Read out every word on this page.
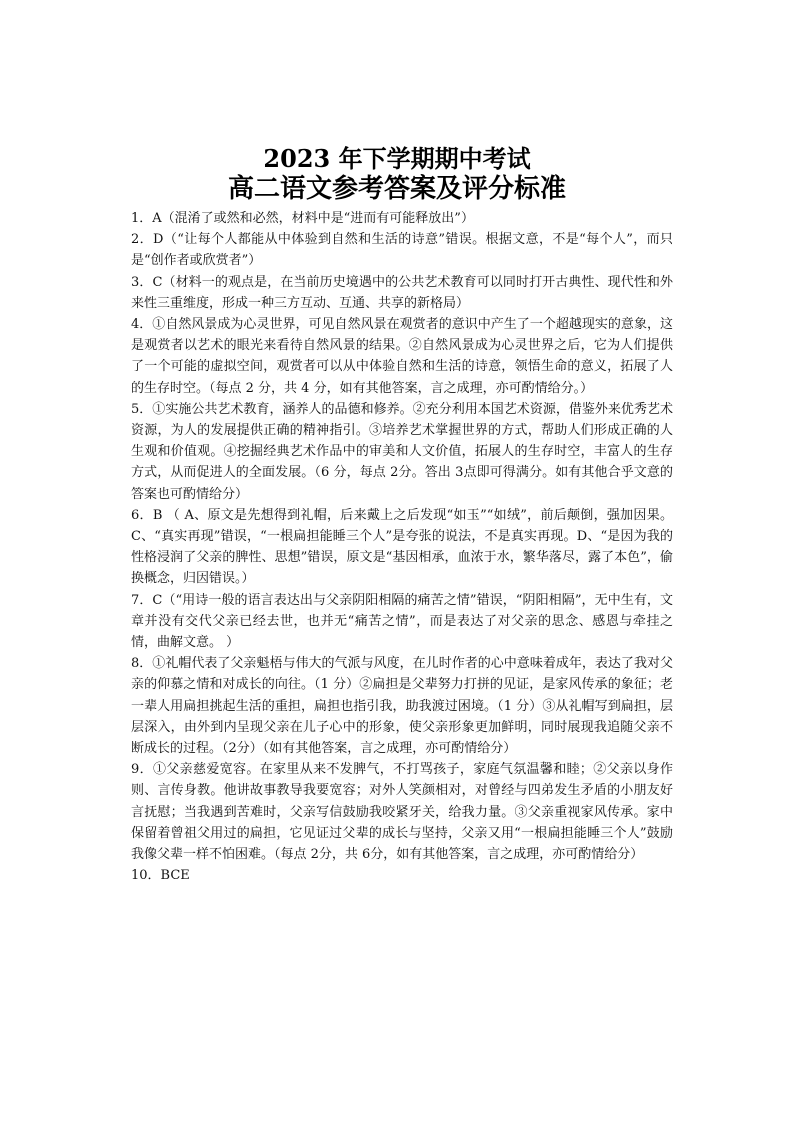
2023 年下学期期中考试
高二语文参考答案及评分标准

1．A（混淆了或然和必然，材料中是“进而有可能释放出”）

2．D（“让每个人都能从中体验到自然和生活的诗意”错误。根据文意，不是“每个人”，而只是“创作者或欣赏者”）

3．C（材料一的观点是，在当前历史境遇中的公共艺术教育可以同时打开古典性、现代性和外来性三重维度，形成一种三方互动、互通、共享的新格局）

4．①自然风景成为心灵世界，可见自然风景在观赏者的意识中产生了一个超越现实的意象，这是观赏者以艺术的眼光来看待自然风景的结果。②自然风景成为心灵世界之后，它为人们提供了一个可能的虚拟空间，观赏者可以从中体验自然和生活的诗意，领悟生命的意义，拓展了人的生存时空。（每点 2 分，共 4 分，如有其他答案，言之成理，亦可酌情给分。）

5．①实施公共艺术教育，涵养人的品德和修养。②充分利用本国艺术资源，借鉴外来优秀艺术资源，为人的发展提供正确的精神指引。③培养艺术掌握世界的方式，帮助人们形成正确的人生观和价值观。④挖掘经典艺术作品中的审美和人文价值，拓展人的生存时空，丰富人的生存方式，从而促进人的全面发展。（6 分，每点 2分。答出 3点即可得满分。如有其他合乎文意的答案也可酌情给分）

6．B （ A、原文是先想得到礼帽，后来戴上之后发现“如玉”“如绒”，前后颠倒，强加因果。C、“真实再现”错误，“一根扁担能睡三个人”是夸张的说法，不是真实再现。D、“是因为我的性格浸润了父亲的脾性、思想”错误，原文是“基因相承，血浓于水，繁华落尽，露了本色”，偷换概念，归因错误。）

7．C（“用诗一般的语言表达出与父亲阴阳相隔的痛苦之情”错误，“阴阳相隔”，无中生有，文章并没有交代父亲已经去世，也并无“痛苦之情”，而是表达了对父亲的思念、感恩与牵挂之情，曲解文意。 ）

8．①礼帽代表了父亲魁梧与伟大的气派与风度，在儿时作者的心中意味着成年，表达了我对父亲的仰慕之情和对成长的向往。（1 分）②扁担是父辈努力打拼的见证，是家风传承的象征；老一辈人用扁担挑起生活的重担，扁担也指引我，助我渡过困境。（1 分）③从礼帽写到扁担，层层深入，由外到内呈现父亲在儿子心中的形象，使父亲形象更加鲜明，同时展现我追随父亲不断成长的过程。（2分）（如有其他答案，言之成理，亦可酌情给分）

9．①父亲慈爱宽容。在家里从来不发脾气，不打骂孩子，家庭气氛温馨和睦；②父亲以身作则、言传身教。他讲故事教导我要宽容；对外人笑颜相对，对曾经与四弟发生矛盾的小朋友好言抚慰；当我遇到苦难时，父亲写信鼓励我咬紧牙关，给我力量。③父亲重视家风传承。家中保留着曾祖父用过的扁担，它见证过父辈的成长与坚持，父亲又用“一根扁担能睡三个人”鼓励我像父辈一样不怕困难。（每点 2分，共 6分，如有其他答案，言之成理，亦可酌情给分）

10．BCE
